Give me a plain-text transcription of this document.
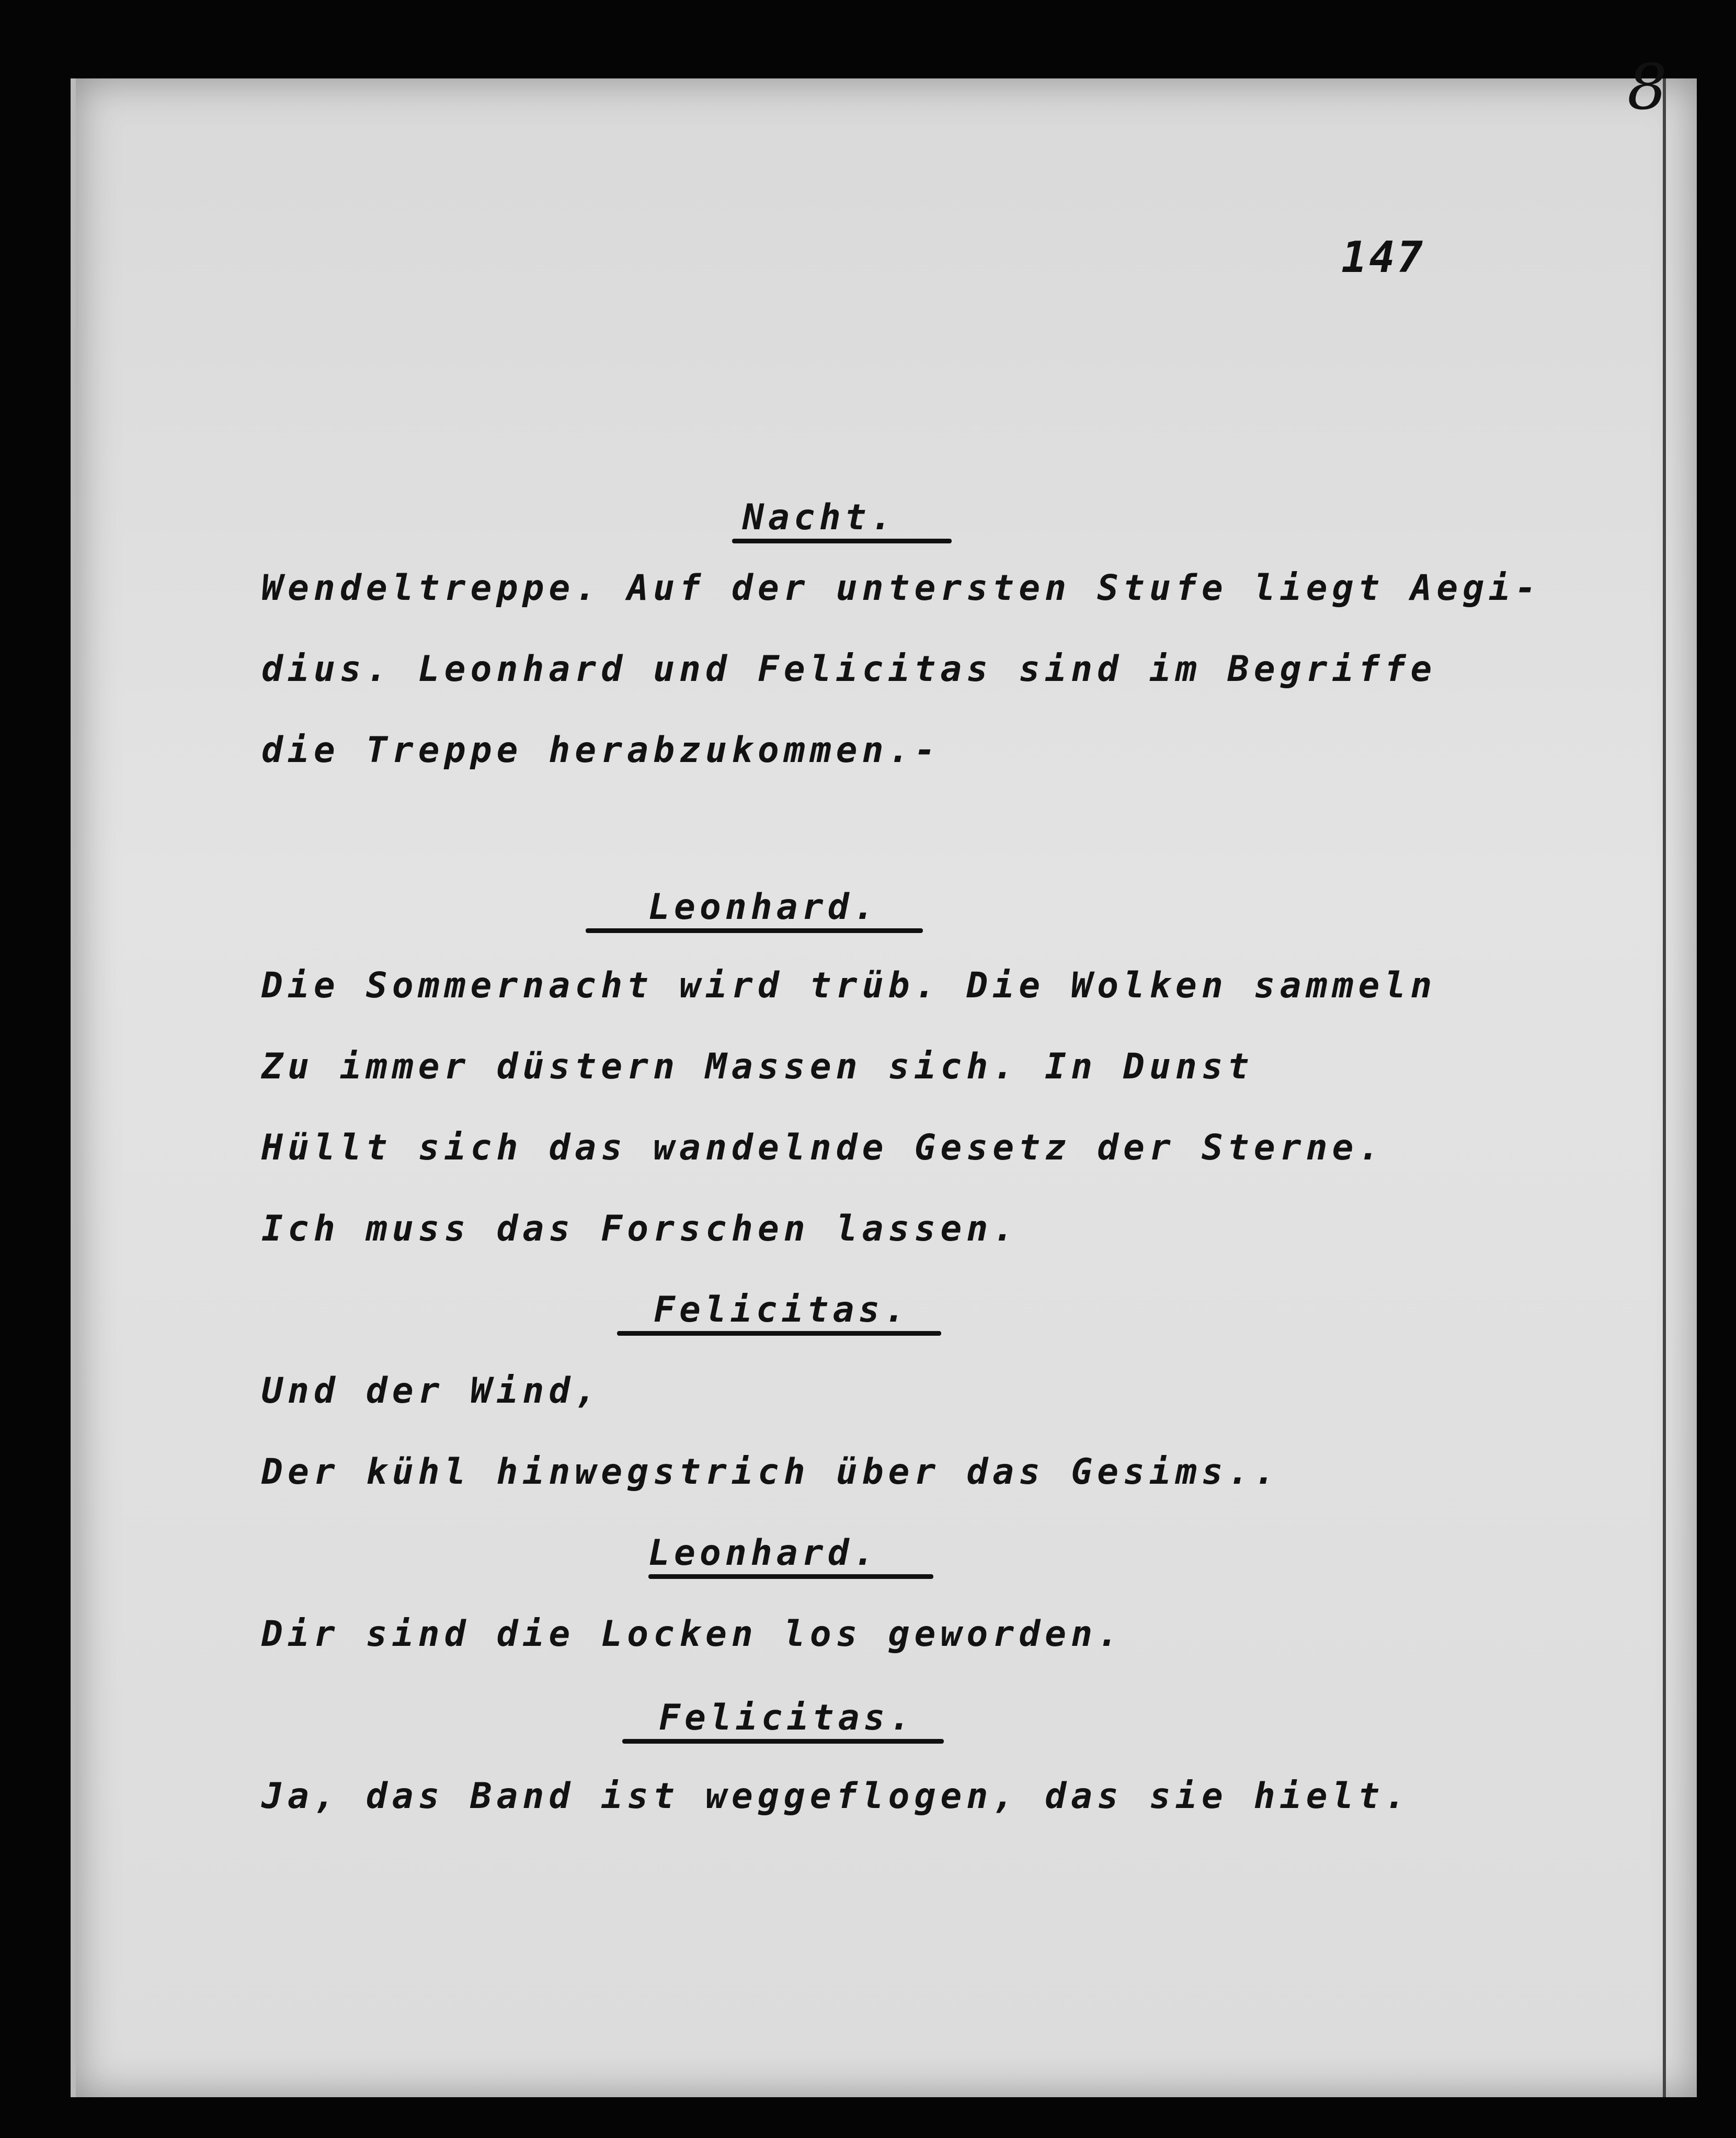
8
147
Nacht.
Wendeltreppe. Auf der untersten Stufe liegt Aegi-
dius. Leonhard und Felicitas sind im Begriffe
die Treppe herabzukommen.-
Leonhard.
Die Sommernacht wird trüb. Die Wolken sammeln
Zu immer düstern Massen sich. In Dunst
Hüllt sich das wandelnde Gesetz der Sterne.
Ich muss das Forschen lassen.
Felicitas.
Und der Wind,
Der kühl hinwegstrich über das Gesims..
Leonhard.
Dir sind die Locken los geworden.
Felicitas.
Ja, das Band ist weggeflogen, das sie hielt.
